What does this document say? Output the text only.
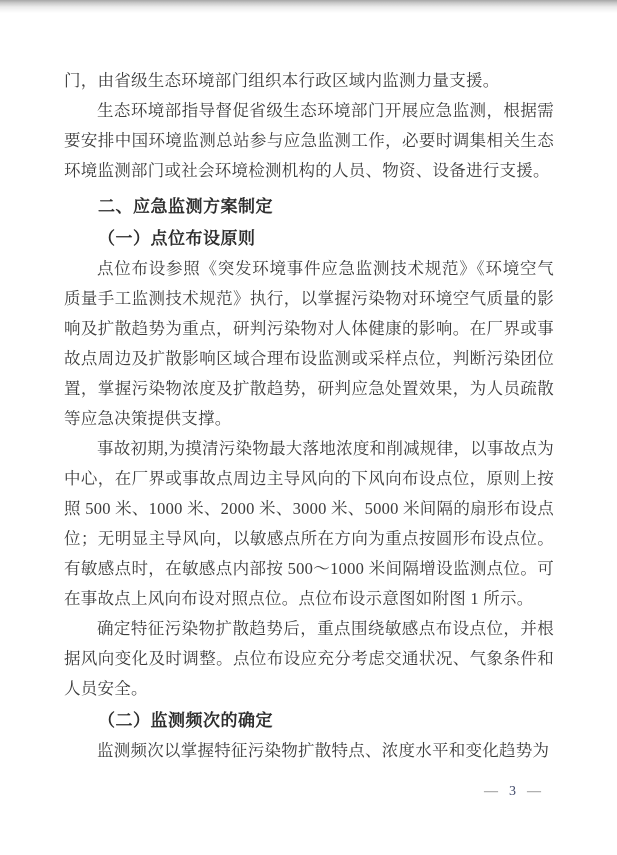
门，由省级生态环境部门组织本行政区域内监测力量支援。

生态环境部指导督促省级生态环境部门开展应急监测，根据需要安排中国环境监测总站参与应急监测工作，必要时调集相关生态环境监测部门或社会环境检测机构的人员、物资、设备进行支援。

二、应急监测方案制定
（一）点位布设原则

点位布设参照《突发环境事件应急监测技术规范》《环境空气质量手工监测技术规范》执行，以掌握污染物对环境空气质量的影响及扩散趋势为重点，研判污染物对人体健康的影响。在厂界或事故点周边及扩散影响区域合理布设监测或采样点位，判断污染团位置，掌握污染物浓度及扩散趋势，研判应急处置效果，为人员疏散等应急决策提供支撑。

事故初期,为摸清污染物最大落地浓度和削减规律，以事故点为中心，在厂界或事故点周边主导风向的下风向布设点位，原则上按照 500 米、1000 米、2000 米、3000 米、5000 米间隔的扇形布设点位；无明显主导风向，以敏感点所在方向为重点按圆形布设点位。有敏感点时，在敏感点内部按 500～1000 米间隔增设监测点位。可在事故点上风向布设对照点位。点位布设示意图如附图 1 所示。

确定特征污染物扩散趋势后，重点围绕敏感点布设点位，并根据风向变化及时调整。点位布设应充分考虑交通状况、气象条件和人员安全。

（二）监测频次的确定

监测频次以掌握特征污染物扩散特点、浓度水平和变化趋势为

— 3 —
